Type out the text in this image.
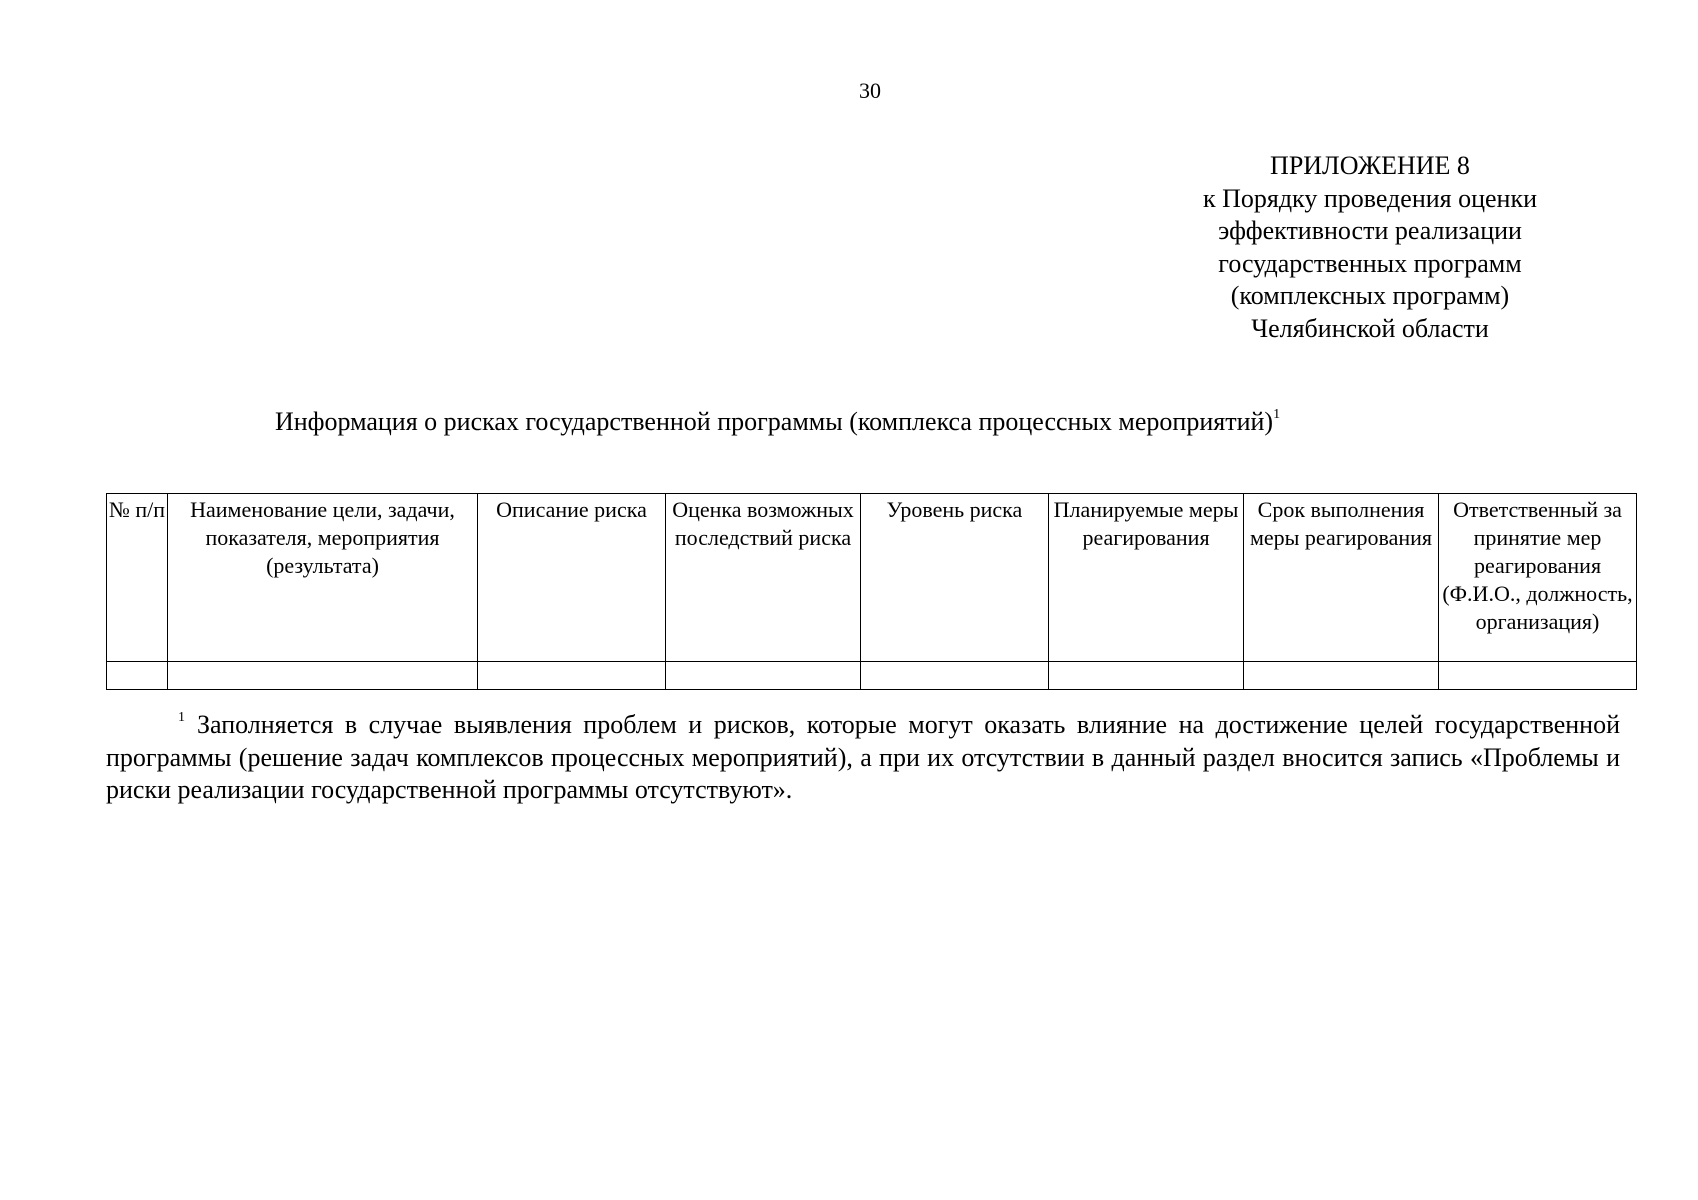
30
ПРИЛОЖЕНИЕ 8
к Порядку проведения оценки
эффективности реализации
государственных программ
(комплексных программ)
Челябинской области
Информация о рисках государственной программы (комплекса процессных мероприятий)$^1$
№ п/п	Наименование цели, задачи, показателя, мероприятия (результата)	Описание риска	Оценка возможных последствий риска	Уровень риска	Планируемые меры реагирования	Срок выполнения меры реагирования	Ответственный за принятие мер реагирования (Ф.И.О., должность, организация)

$^1$ Заполняется в случае выявления проблем и рисков, которые могут оказать влияние на достижение целей государственной программы (решение задач комплексов процессных мероприятий), а при их отсутствии в данный раздел вносится запись «Проблемы и риски реализации государственной программы отсутствуют».
